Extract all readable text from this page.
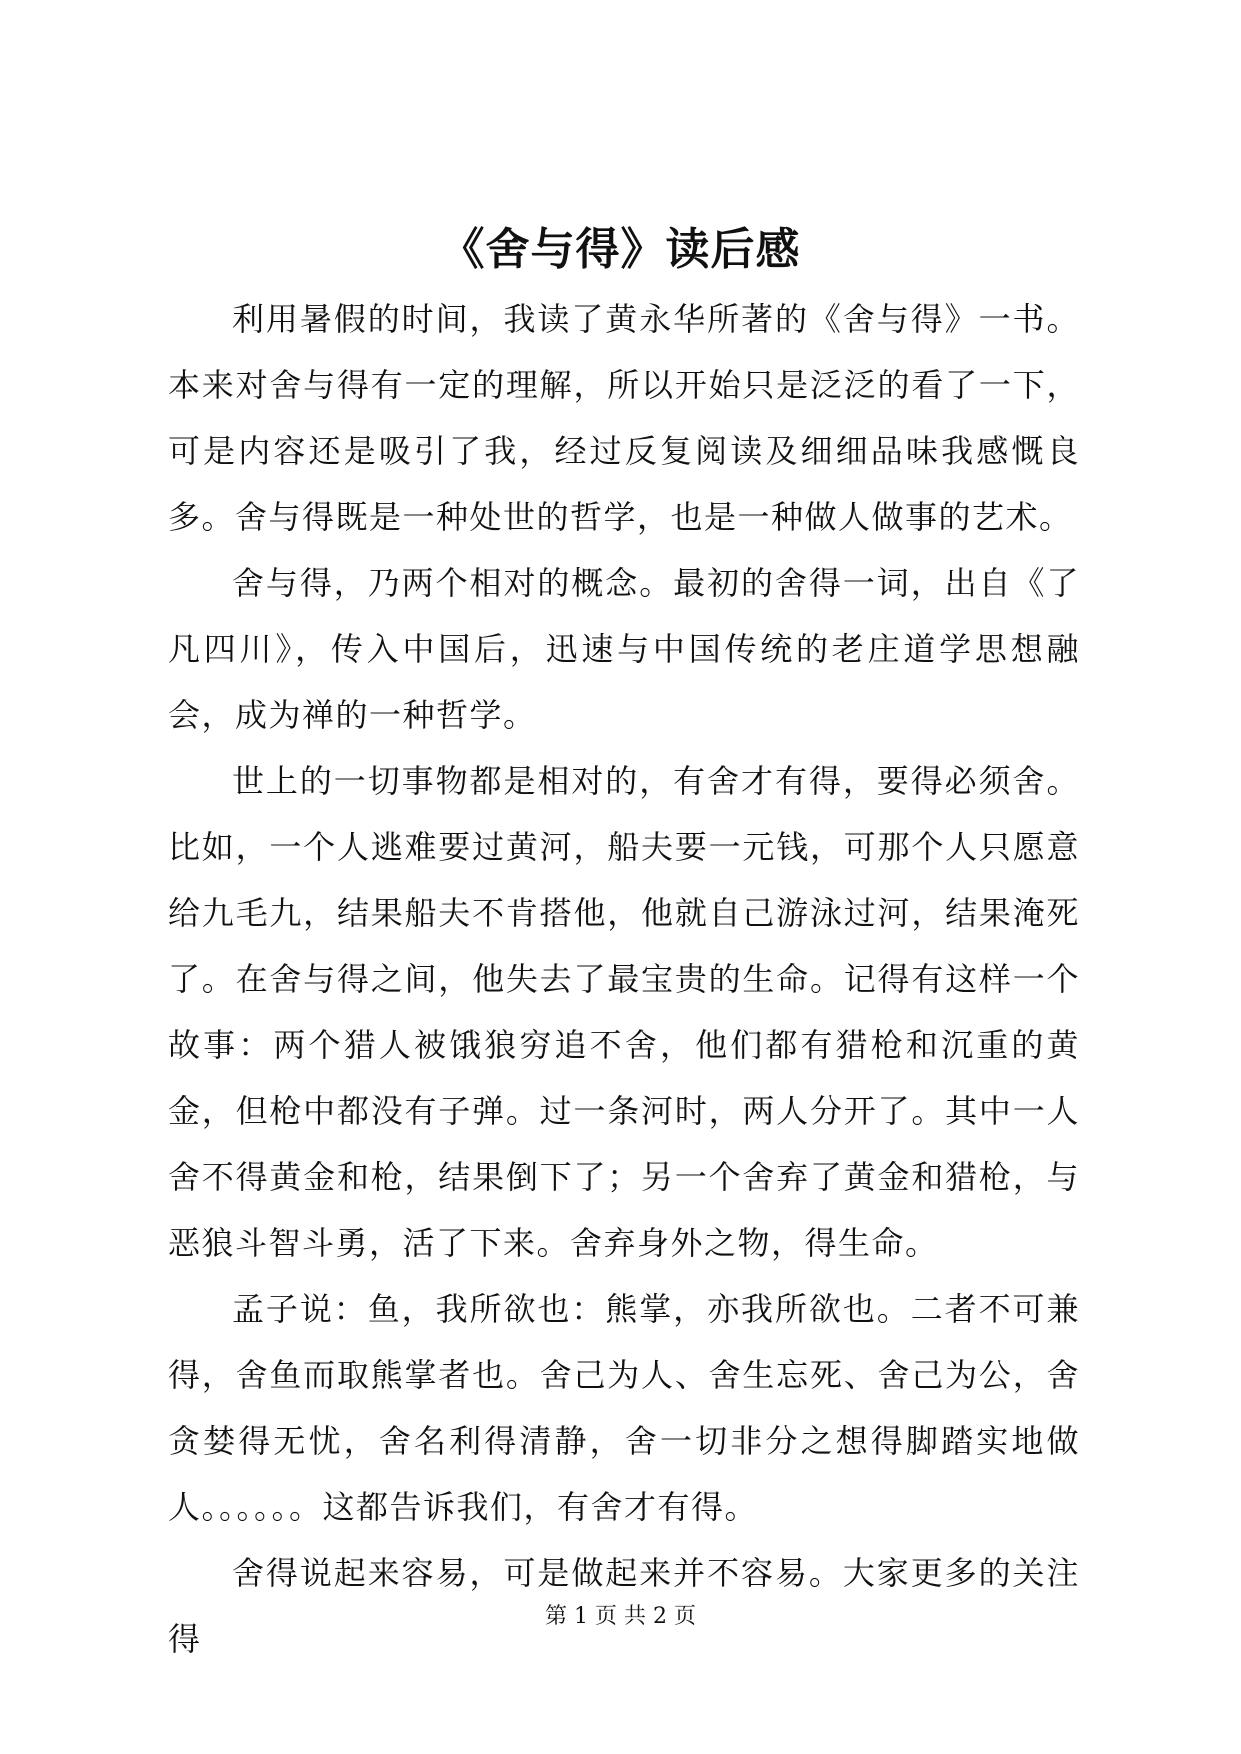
《舍与得》读后感

利用暑假的时间，我读了黄永华所著的《舍与得》一书。本来对舍与得有一定的理解，所以开始只是泛泛的看了一下，可是内容还是吸引了我，经过反复阅读及细细品味我感慨良多。舍与得既是一种处世的哲学，也是一种做人做事的艺术。

舍与得，乃两个相对的概念。最初的舍得一词，出自《了凡四川》，传入中国后，迅速与中国传统的老庄道学思想融会，成为禅的一种哲学。

世上的一切事物都是相对的，有舍才有得，要得必须舍。比如，一个人逃难要过黄河，船夫要一元钱，可那个人只愿意给九毛九，结果船夫不肯搭他，他就自己游泳过河，结果淹死了。在舍与得之间，他失去了最宝贵的生命。记得有这样一个故事：两个猎人被饿狼穷追不舍，他们都有猎枪和沉重的黄金，但枪中都没有子弹。过一条河时，两人分开了。其中一人舍不得黄金和枪，结果倒下了；另一个舍弃了黄金和猎枪，与恶狼斗智斗勇，活了下来。舍弃身外之物，得生命。

孟子说：鱼，我所欲也：熊掌，亦我所欲也。二者不可兼得，舍鱼而取熊掌者也。舍己为人、舍生忘死、舍己为公，舍贪婪得无忧，舍名利得清静，舍一切非分之想得脚踏实地做人。。。。。。这都告诉我们，有舍才有得。

舍得说起来容易，可是做起来并不容易。大家更多的关注得

第 1 页 共 2 页
